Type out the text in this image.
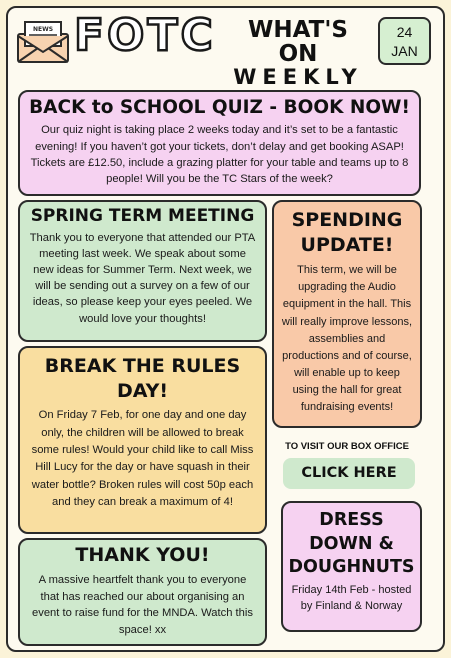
NEWS FOTC	WHAT'S ON
WEEKLY
24
JAN
BACK to SCHOOL QUIZ - BOOK NOW!

Our quiz night is taking place 2 weeks today and it’s set to be a fantastic evening! If you haven’t got your tickets, don’t delay and get booking ASAP! Tickets are £12.50, include a grazing platter for your table and teams up to 8 people! Will you be the TC Stars of the week?

SPRING TERM MEETING

Thank you to everyone that attended our PTA meeting last week. We speak about some new ideas for Summer Term. Next week, we will be sending out a survey on a few of our ideas, so please keep your eyes peeled. We would love your thoughts!

SPENDING UPDATE!

This term, we will be upgrading the Audio equipment in the hall. This will really improve lessons, assemblies and productions and of course, will enable up to keep using the hall for great fundraising events!

BREAK THE RULES DAY!

On Friday 7 Feb, for one day and one day only, the children will be allowed to break some rules! Would your child like to call Miss Hill Lucy for the day or have squash in their water bottle? Broken rules will cost 50p each and they can break a maximum of 4!

TO VISIT OUR BOX OFFICE
CLICK HERE
DRESS DOWN & DOUGHNUTS

Friday 14th Feb - hosted by Finland & Norway

THANK YOU!

A massive heartfelt thank you to everyone that has reached our about organising an event to raise fund for the MNDA. Watch this space! xx
